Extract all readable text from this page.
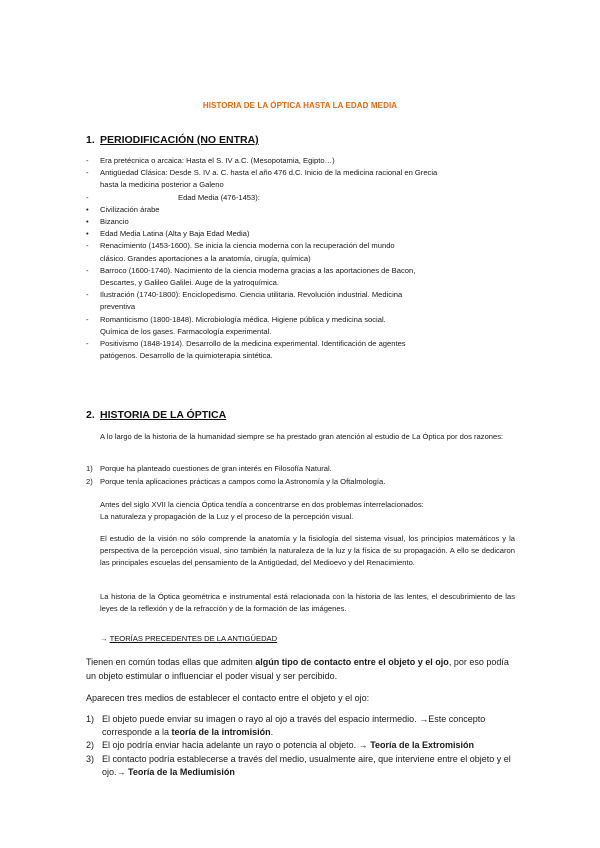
HISTORIA DE LA ÓPTICA HASTA LA EDAD MEDIA
1. PERIODIFICACIÓN (NO ENTRA)
- Era pretécnica o arcaica: Hasta el S. IV a.C. (Mesopotamia, Egipto…)
- Antigüedad Clásica: Desde S. IV a. C. hasta el año 476 d.C. Inicio de la medicina racional en Grecia
hasta la medicina posterior a Galeno
-	Edad Media (476-1453):
• Civilización árabe
• Bizancio
• Edad Media Latina (Alta y Baja Edad Media)
- Renacimiento (1453-1600). Se inicia la ciencia moderna con la recuperación del mundo
clásico. Grandes aportaciones a la anatomía, cirugía, química)
- Barroco (1600-1740). Nacimiento de la ciencia moderna gracias a las aportaciones de Bacon,
Descartes, y Galileo Galilei. Auge de la yatroquímica.
- Ilustración (1740-1800): Enciclopedismo. Ciencia utilitaria. Revolución industrial. Medicina
preventiva
- Romanticismo (1800-1848). Microbiología médica. Higiene pública y medicina social.
Química de los gases. Farmacología experimental.
- Positivismo (1848-1914). Desarrollo de la medicina experimental. Identificación de agentes
patógenos. Desarrollo de la quimioterapia sintética.
2. HISTORIA DE LA ÓPTICA

A lo largo de la historia de la humanidad siempre se ha prestado gran atención al estudio de La Óptica por dos razones:

1) Porque ha planteado cuestiones de gran interés en Filosofía Natural.
2) Porque tenía aplicaciones prácticas a campos como la Astronomía y la Oftalmología.

Antes del siglo XVII la ciencia Óptica tendía a concentrarse en dos problemas interrelacionados:
La naturaleza y propagación de la Luz y el proceso de la percepción visual.

El estudio de la visión no sólo comprende la anatomía y la fisiología del sistema visual, los principios matemáticos y la perspectiva de la percepción visual, sino también la naturaleza de la luz y la física de su propagación. A ello se dedicaron las principales escuelas del pensamiento de la Antigüedad, del Medioevo y del Renacimiento.

La historia de la Óptica geométrica e instrumental está relacionada con la historia de las lentes, el descubrimiento de las leyes de la reflexión y de la refracción y de la formación de las imágenes.

→ TEORÍAS PRECEDENTES DE LA ANTIGÜEDAD

Tienen en común todas ellas que admiten algún tipo de contacto entre el objeto y el ojo, por eso podía un objeto estimular o influenciar el poder visual y ser percibido.

Aparecen tres medios de establecer el contacto entre el objeto y el ojo:

1) El objeto puede enviar su imagen o rayo al ojo a través del espacio intermedio. →Este concepto corresponde a la teoría de la intromisión.
2) El ojo podría enviar hacia adelante un rayo o potencia al objeto. → Teoría de la Extromisión
3) El contacto podría establecerse a través del medio, usualmente aire, que interviene entre el objeto y el ojo.→ Teoría de la Mediumisión
